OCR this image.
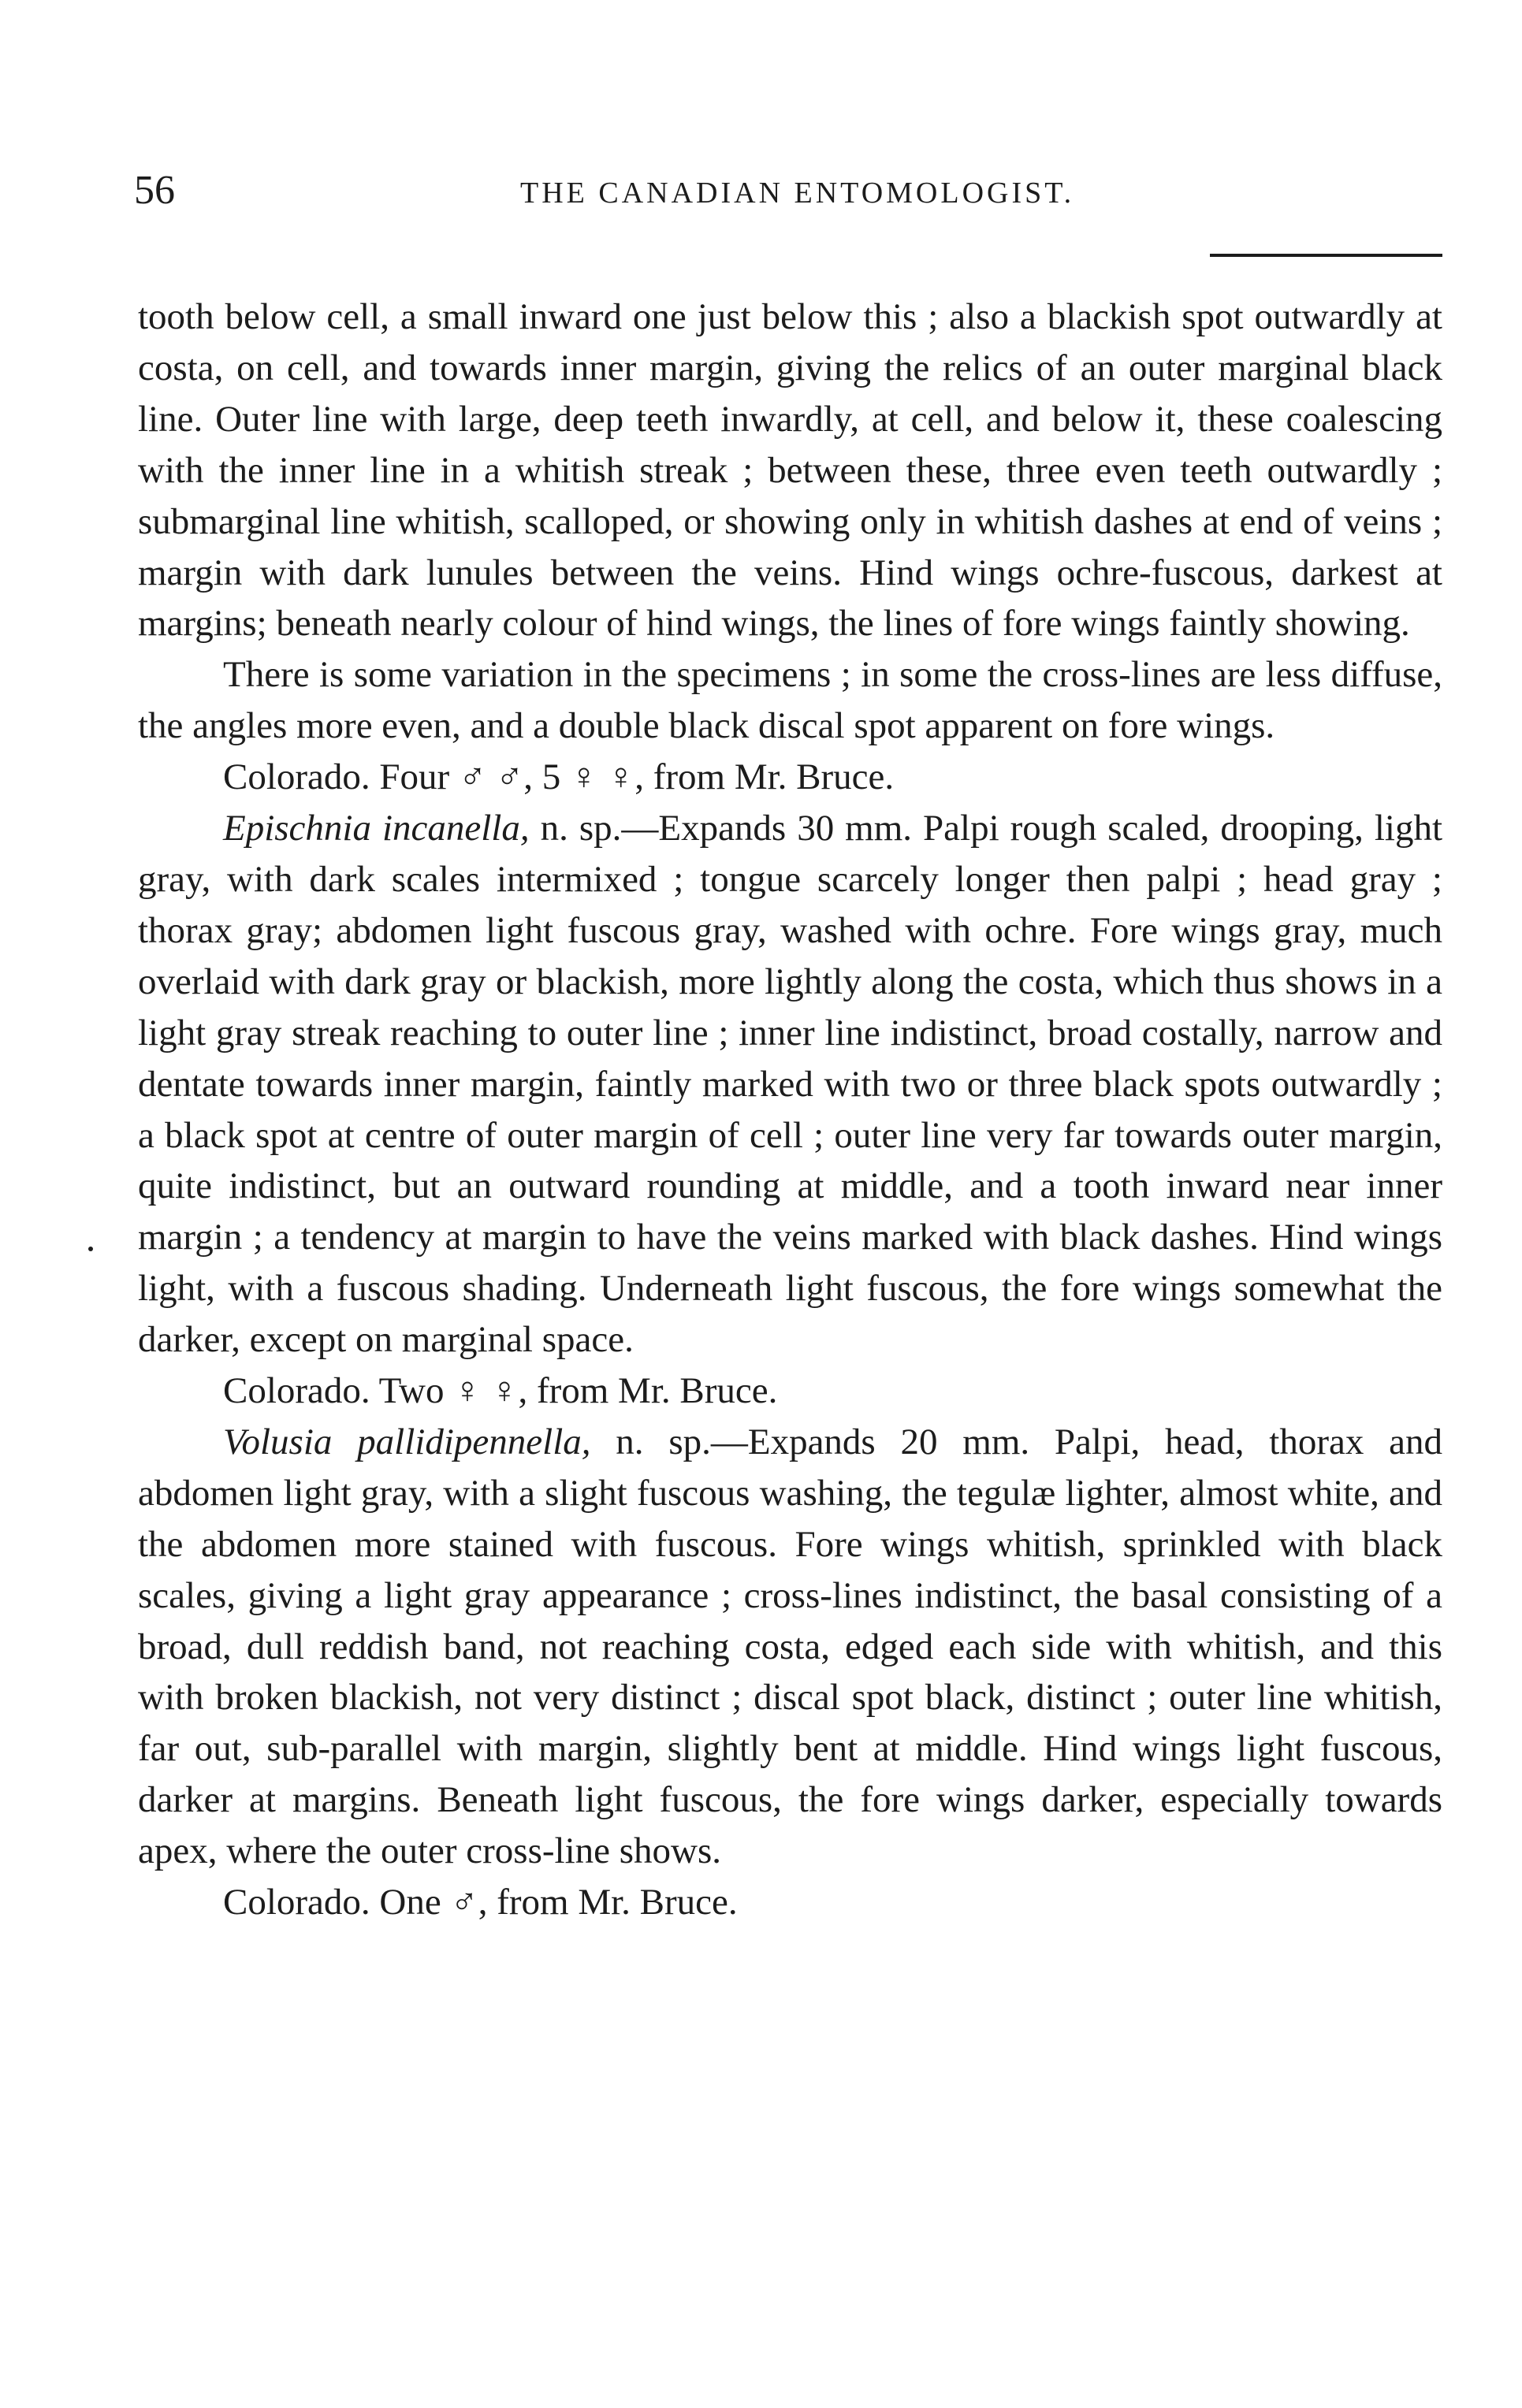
56	THE CANADIAN ENTOMOLOGIST.

tooth below cell, a small inward one just below this ; also a blackish spot outwardly at costa, on cell, and towards inner margin, giving the relics of an outer marginal black line. Outer line with large, deep teeth inwardly, at cell, and below it, these coalescing with the inner line in a whitish streak ; between these, three even teeth outwardly ; submarginal line whitish, scalloped, or showing only in whitish dashes at end of veins ; margin with dark lunules between the veins. Hind wings ochre-fuscous, darkest at margins; beneath nearly colour of hind wings, the lines of fore wings faintly showing.

There is some variation in the specimens ; in some the cross-lines are less diffuse, the angles more even, and a double black discal spot apparent on fore wings.

Colorado. Four ♂ ♂, 5 ♀ ♀, from Mr. Bruce.

Epischnia incanella, n. sp.—Expands 30 mm. Palpi rough scaled, drooping, light gray, with dark scales intermixed ; tongue scarcely longer then palpi ; head gray ; thorax gray; abdomen light fuscous gray, washed with ochre. Fore wings gray, much overlaid with dark gray or blackish, more lightly along the costa, which thus shows in a light gray streak reaching to outer line ; inner line indistinct, broad costally, narrow and dentate towards inner margin, faintly marked with two or three black spots outwardly ; a black spot at centre of outer margin of cell ; outer line very far towards outer margin, quite indistinct, but an outward rounding at middle, and a tooth inward near inner margin ; a tendency at margin to have the veins marked with black dashes. Hind wings light, with a fuscous shading. Underneath light fuscous, the fore wings somewhat the darker, except on marginal space.

Colorado. Two ♀ ♀, from Mr. Bruce.

Volusia pallidipennella, n. sp.—Expands 20 mm. Palpi, head, thorax and abdomen light gray, with a slight fuscous washing, the tegulæ lighter, almost white, and the abdomen more stained with fuscous. Fore wings whitish, sprinkled with black scales, giving a light gray appearance ; cross-lines indistinct, the basal consisting of a broad, dull reddish band, not reaching costa, edged each side with whitish, and this with broken blackish, not very distinct ; discal spot black, distinct ; outer line whitish, far out, sub-parallel with margin, slightly bent at middle. Hind wings light fuscous, darker at margins. Beneath light fuscous, the fore wings darker, especially towards apex, where the outer cross-line shows.

Colorado. One ♂, from Mr. Bruce.
